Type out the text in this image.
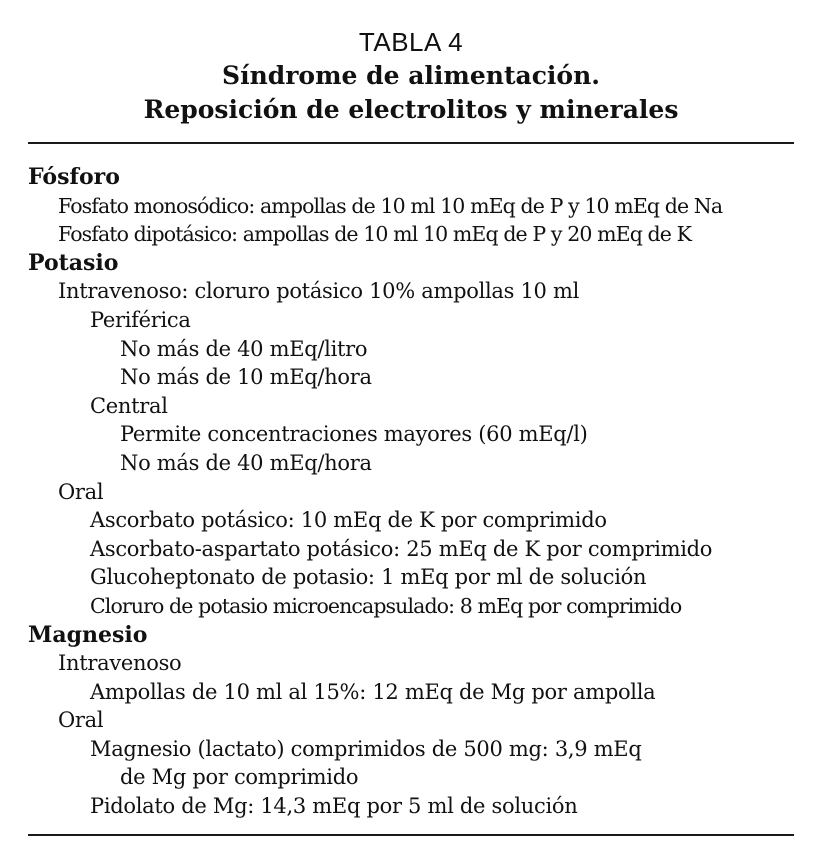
TABLA 4
Síndrome de alimentación.
Reposición de electrolitos y minerales
Fósforo
Fosfato monosódico: ampollas de 10 ml 10 mEq de P y 10 mEq de Na
Fosfato dipotásico: ampollas de 10 ml 10 mEq de P y 20 mEq de K
Potasio
Intravenoso: cloruro potásico 10% ampollas 10 ml
Periférica
No más de 40 mEq/litro
No más de 10 mEq/hora
Central
Permite concentraciones mayores (60 mEq/l)
No más de 40 mEq/hora
Oral
Ascorbato potásico: 10 mEq de K por comprimido
Ascorbato-aspartato potásico: 25 mEq de K por comprimido
Glucoheptonato de potasio: 1 mEq por ml de solución
Cloruro de potasio microencapsulado: 8 mEq por comprimido
Magnesio
Intravenoso
Ampollas de 10 ml al 15%: 12 mEq de Mg por ampolla
Oral
Magnesio (lactato) comprimidos de 500 mg: 3,9 mEq
de Mg por comprimido
Pidolato de Mg: 14,3 mEq por 5 ml de solución
